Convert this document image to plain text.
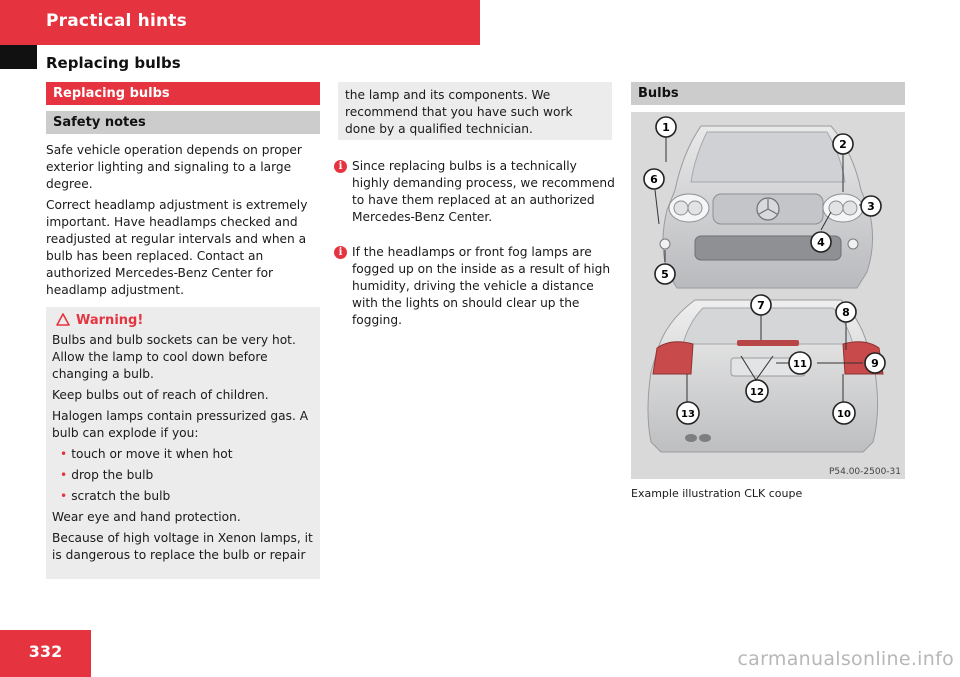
Practical hints
Replacing bulbs
Replacing bulbs
Safety notes

Safe vehicle operation depends on proper exterior lighting and signaling to a large degree.

Correct headlamp adjustment is extremely important. Have headlamps checked and readjusted at regular intervals and when a bulb has been replaced. Contact an authorized Mercedes-Benz Center for headlamp adjustment.

Warning!

Bulbs and bulb sockets can be very hot. Allow the lamp to cool down before changing a bulb.

Keep bulbs out of reach of children.

Halogen lamps contain pressurized gas. A bulb can explode if you:

• touch or move it when hot

• drop the bulb

• scratch the bulb

Wear eye and hand protection.

Because of high voltage in Xenon lamps, it is dangerous to replace the bulb or repair

the lamp and its components. We recommend that you have such work done by a qualified technician.
i Since replacing bulbs is a technically highly demanding process, we recommend to have them replaced at an authorized Mercedes-Benz Center.
i If the headlamps or front fog lamps are fogged up on the inside as a result of high humidity, driving the vehicle a distance with the lights on should clear up the fogging.
Bulbs
1
2
3
4
5
6
7
8
9
10
11
12
13
P54.00-2500-31
Example illustration CLK coupe
332	carmanualsonline.info
